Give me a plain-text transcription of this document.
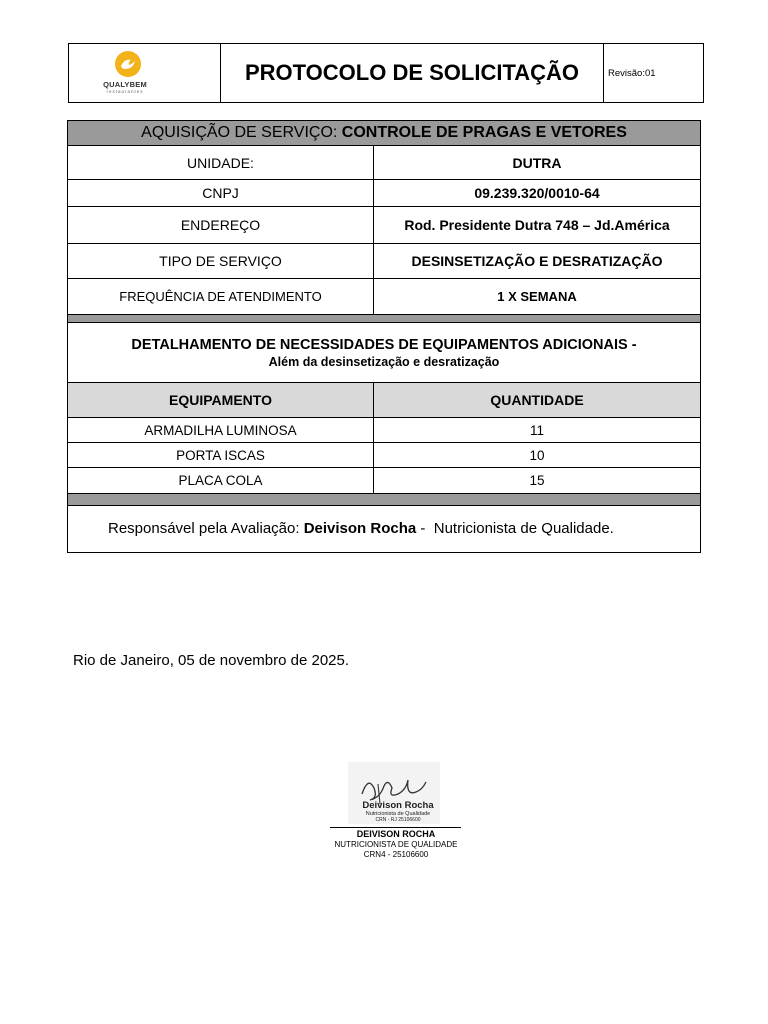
QUALYBEM
restaurantes
PROTOCOLO DE SOLICITAÇÃO	Revisão:01
AQUISIÇÃO DE SERVIÇO: CONTROLE DE PRAGAS E VETORES
UNIDADE:	DUTRA
CNPJ	09.239.320/0010-64
ENDEREÇO	Rod. Presidente Dutra 748 – Jd.América
TIPO DE SERVIÇO	DESINSETIZAÇÃO E DESRATIZAÇÃO
FREQUÊNCIA DE ATENDIMENTO	1 X SEMANA
DETALHAMENTO DE NECESSIDADES DE EQUIPAMENTOS ADICIONAIS -
Além da desinsetização e desratização
EQUIPAMENTO	QUANTIDADE
ARMADILHA LUMINOSA	11
PORTA ISCAS	10
PLACA COLA	15
Responsável pela Avaliação: Deivison Rocha -  Nutricionista de Qualidade.
Rio de Janeiro, 05 de novembro de 2025.
Deivison Rocha
Nutricionista de Qualidade
CRN - RJ 25106600
DEIVISON ROCHA
NUTRICIONISTA DE QUALIDADE
CRN4 - 25106600
